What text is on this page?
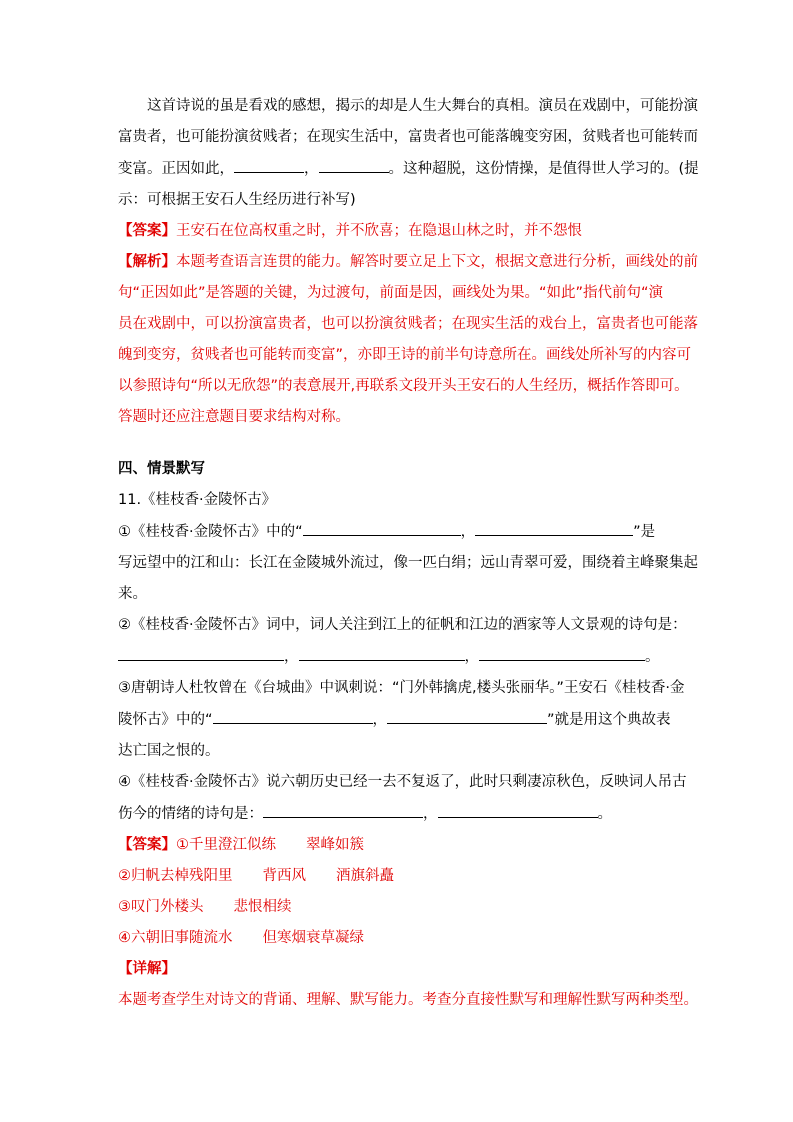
这首诗说的虽是看戏的感想，揭示的却是人生大舞台的真相。演员在戏剧中，可能扮演
富贵者，也可能扮演贫贱者；在现实生活中，富贵者也可能落魄变穷困，贫贱者也可能转而
变富。正因如此，	，	。这种超脱，这份情操，是值得世人学习的。(提
示：可根据王安石人生经历进行补写)
【答案】王安石在位高权重之时，并不欣喜；在隐退山林之时，并不怨恨
【解析】本题考查语言连贯的能力。解答时要立足上下文，根据文意进行分析，画线处的前
句“正因如此”是答题的关键，为过渡句，前面是因，画线处为果。“如此”指代前句“演
员在戏剧中，可以扮演富贵者，也可以扮演贫贱者；在现实生活的戏台上，富贵者也可能落
魄到变穷，贫贱者也可能转而变富”，亦即王诗的前半句诗意所在。画线处所补写的内容可
以参照诗句“所以无欣怨”的表意展开,再联系文段开头王安石的人生经历，概括作答即可。
答题时还应注意题目要求结构对称。
四、情景默写
11.《桂枝香·金陵怀古》
①《桂枝香·金陵怀古》中的“	，	”是
写远望中的江和山：长江在金陵城外流过，像一匹白绢；远山青翠可爱，围绕着主峰聚集起
来。
②《桂枝香·金陵怀古》词中，词人关注到江上的征帆和江边的酒家等人文景观的诗句是：
，	，	。
③唐朝诗人杜牧曾在《台城曲》中讽刺说：“门外韩擒虎,楼头张丽华。”王安石《桂枝香·金
陵怀古》中的“	，	”就是用这个典故表
达亡国之恨的。
④《桂枝香·金陵怀古》说六朝历史已经一去不复返了，此时只剩凄凉秋色，反映词人吊古
伤今的情绪的诗句是：	，	。
【答案】①千里澄江似练 翠峰如簇
②归帆去棹残阳里 背西风 酒旗斜矗
③叹门外楼头 悲恨相续
④六朝旧事随流水 但寒烟衰草凝绿
【详解】
本题考查学生对诗文的背诵、理解、默写能力。考查分直接性默写和理解性默写两种类型。
